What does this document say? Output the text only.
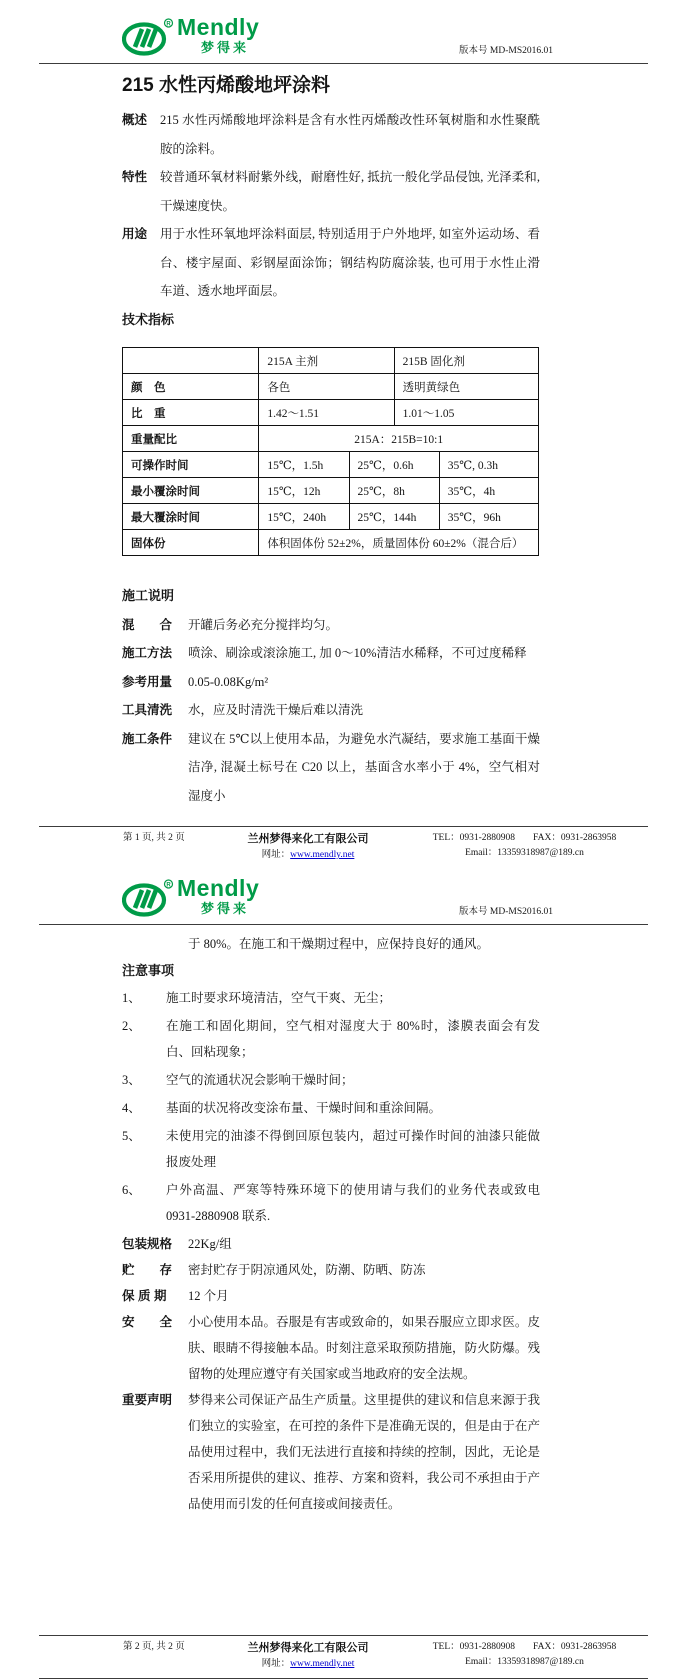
R Mendly
梦得来	版本号 MD-MS2016.01
215 水性丙烯酸地坪涂料
概述	215 水性丙烯酸地坪涂料是含有水性丙烯酸改性环氧树脂和水性聚酰胺的涂料。
特性	较普通环氧材料耐紫外线，耐磨性好, 抵抗一般化学品侵蚀, 光泽柔和, 干燥速度快。
用途	用于水性环氧地坪涂料面层, 特别适用于户外地坪, 如室外运动场、看台、楼宇屋面、彩钢屋面涂饰；钢结构防腐涂装, 也可用于水性止滑车道、透水地坪面层。
技术指标
	215A 主剂		215B 固化剂	
颜　色	各色		透明黄绿色	
比　重	1.42～1.51		1.01～1.05	
重量配比	215A：215B=10:1			
可操作时间	15℃，1.5h	25℃，0.6h		35℃, 0.3h
最小覆涂时间	15℃，12h	25℃，8h		35℃，4h
最大覆涂时间	15℃，240h	25℃，144h		35℃，96h
固体份	体积固体份 52±2%，质量固体份 60±2%（混合后）			
施工说明
混　　合	开罐后务必充分搅拌均匀。
施工方法	喷涂、刷涂或滚涂施工, 加 0～10%清洁水稀释，不可过度稀释
参考用量	0.05-0.08Kg/m²
工具清洗	水，应及时清洗干燥后难以清洗
施工条件	建议在 5℃以上使用本品，为避免水汽凝结，要求施工基面干燥洁净, 混凝土标号在 C20 以上，基面含水率小于 4%，空气相对湿度小
第 1 页, 共 2 页	兰州梦得来化工有限公司
网址：www.mendly.net
TEL：0931-2880908 FAX：0931-2863958
Email：13359318987@189.cn
R Mendly
梦得来	版本号 MD-MS2016.01
于 80%。在施工和干燥期过程中，应保持良好的通风。
注意事项
1、	施工时要求环境清洁，空气干爽、无尘；
2、	在施工和固化期间，空气相对湿度大于 80%时，漆膜表面会有发白、回粘现象；
3、	空气的流通状况会影响干燥时间；
4、	基面的状况将改变涂布量、干燥时间和重涂间隔。
5、	未使用完的油漆不得倒回原包装内，超过可操作时间的油漆只能做报废处理
6、	户外高温、严寒等特殊环境下的使用请与我们的业务代表或致电 0931-2880908 联系.
包装规格	22Kg/组
贮　　存	密封贮存于阴凉通风处，防潮、防晒、防冻
保 质 期	12 个月
安　　全	小心使用本品。吞服是有害或致命的，如果吞服应立即求医。皮肤、眼睛不得接触本品。时刻注意采取预防措施，防火防爆。残留物的处理应遵守有关国家或当地政府的安全法规。
重要声明	梦得来公司保证产品生产质量。这里提供的建议和信息来源于我们独立的实验室，在可控的条件下是准确无误的，但是由于在产品使用过程中，我们无法进行直接和持续的控制，因此，无论是否采用所提供的建议、推荐、方案和资料，我公司不承担由于产品使用而引发的任何直接或间接责任。
第 2 页, 共 2 页	兰州梦得来化工有限公司
网址：www.mendly.net
TEL：0931-2880908 FAX：0931-2863958
Email：13359318987@189.cn
